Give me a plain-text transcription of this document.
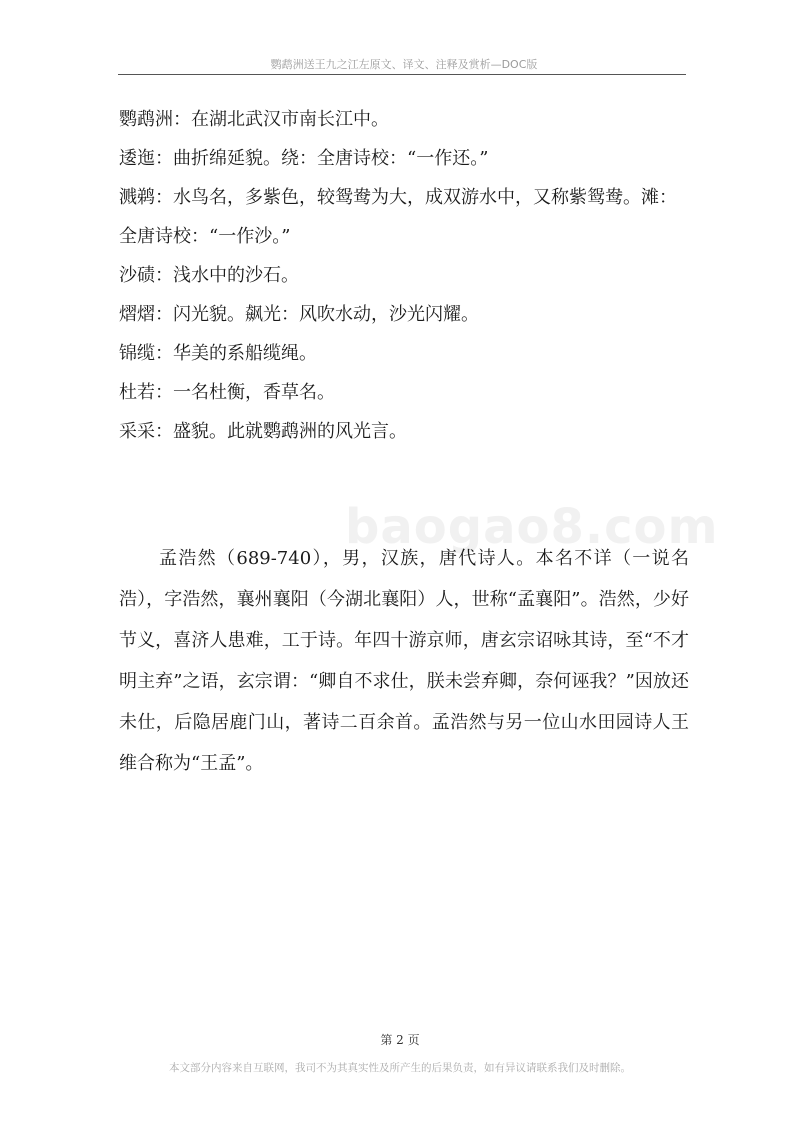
鹦鹉洲送王九之江左原文、译文、注释及赏析—DOC版

鹦鹉洲：在湖北武汉市南长江中。

逶迤：曲折绵延貌。绕：全唐诗校：“一作还。”

溅鹈：水鸟名，多紫色，较鸳鸯为大，成双游水中，又称紫鸳鸯。滩：全唐诗校：“一作沙。”

沙碛：浅水中的沙石。

熠熠：闪光貌。飙光：风吹水动，沙光闪耀。

锦缆：华美的系船缆绳。

杜若：一名杜衡，香草名。

采采：盛貌。此就鹦鹉洲的风光言。

baogao8.com

孟浩然（689-740），男，汉族，唐代诗人。本名不详（一说名浩），字浩然，襄州襄阳（今湖北襄阳）人，世称“孟襄阳”。浩然，少好节义，喜济人患难，工于诗。年四十游京师，唐玄宗诏咏其诗，至“不才明主弃”之语，玄宗谓：“卿自不求仕，朕未尝弃卿，奈何诬我？”因放还未仕，后隐居鹿门山，著诗二百余首。孟浩然与另一位山水田园诗人王维合称为“王孟”。

第 2 页
本文部分内容来自互联网，我司不为其真实性及所产生的后果负责，如有异议请联系我们及时删除。
